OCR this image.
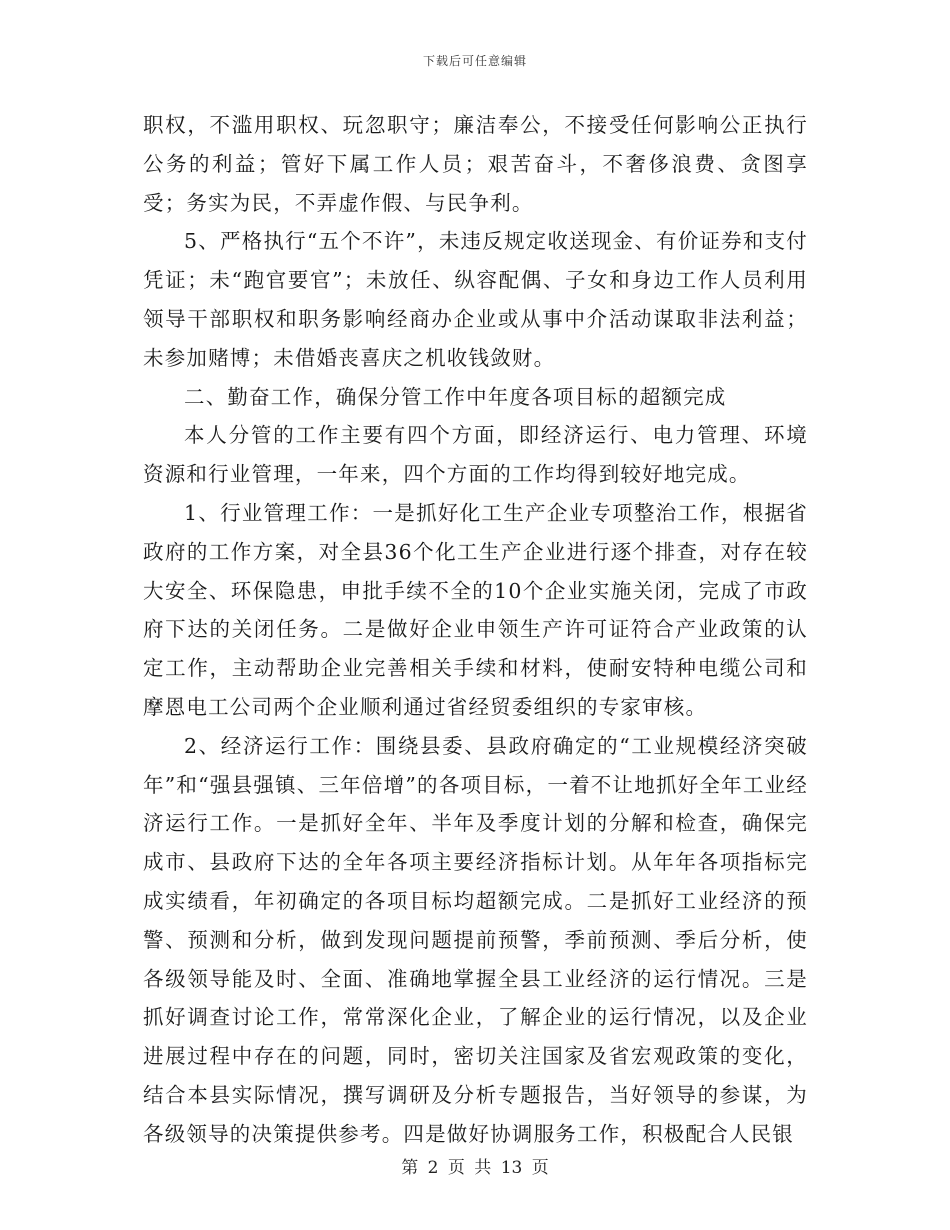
下载后可任意编辑

职权，不滥用职权、玩忽职守；廉洁奉公，不接受任何影响公正执行公务的利益；管好下属工作人员；艰苦奋斗，不奢侈浪费、贪图享受；务实为民，不弄虚作假、与民争利。

5、严格执行“五个不许”，未违反规定收送现金、有价证券和支付凭证；未“跑官要官”；未放任、纵容配偶、子女和身边工作人员利用领导干部职权和职务影响经商办企业或从事中介活动谋取非法利益；未参加赌博；未借婚丧喜庆之机收钱敛财。

二、勤奋工作，确保分管工作中年度各项目标的超额完成

本人分管的工作主要有四个方面，即经济运行、电力管理、环境资源和行业管理，一年来，四个方面的工作均得到较好地完成。

1、行业管理工作：一是抓好化工生产企业专项整治工作，根据省政府的工作方案，对全县36个化工生产企业进行逐个排查，对存在较大安全、环保隐患，申批手续不全的10个企业实施关闭，完成了市政府下达的关闭任务。二是做好企业申领生产许可证符合产业政策的认定工作，主动帮助企业完善相关手续和材料，使耐安特种电缆公司和摩恩电工公司两个企业顺利通过省经贸委组织的专家审核。

2、经济运行工作：围绕县委、县政府确定的“工业规模经济突破年”和“强县强镇、三年倍增”的各项目标，一着不让地抓好全年工业经济运行工作。一是抓好全年、半年及季度计划的分解和检查，确保完成市、县政府下达的全年各项主要经济指标计划。从年年各项指标完成实绩看，年初确定的各项目标均超额完成。二是抓好工业经济的预警、预测和分析，做到发现问题提前预警，季前预测、季后分析，使各级领导能及时、全面、准确地掌握全县工业经济的运行情况。三是抓好调查讨论工作，常常深化企业，了解企业的运行情况，以及企业进展过程中存在的问题，同时，密切关注国家及省宏观政策的变化，结合本县实际情况，撰写调研及分析专题报告，当好领导的参谋，为各级领导的决策提供参考。四是做好协调服务工作，积极配合人民银

第 2 页 共 13 页
